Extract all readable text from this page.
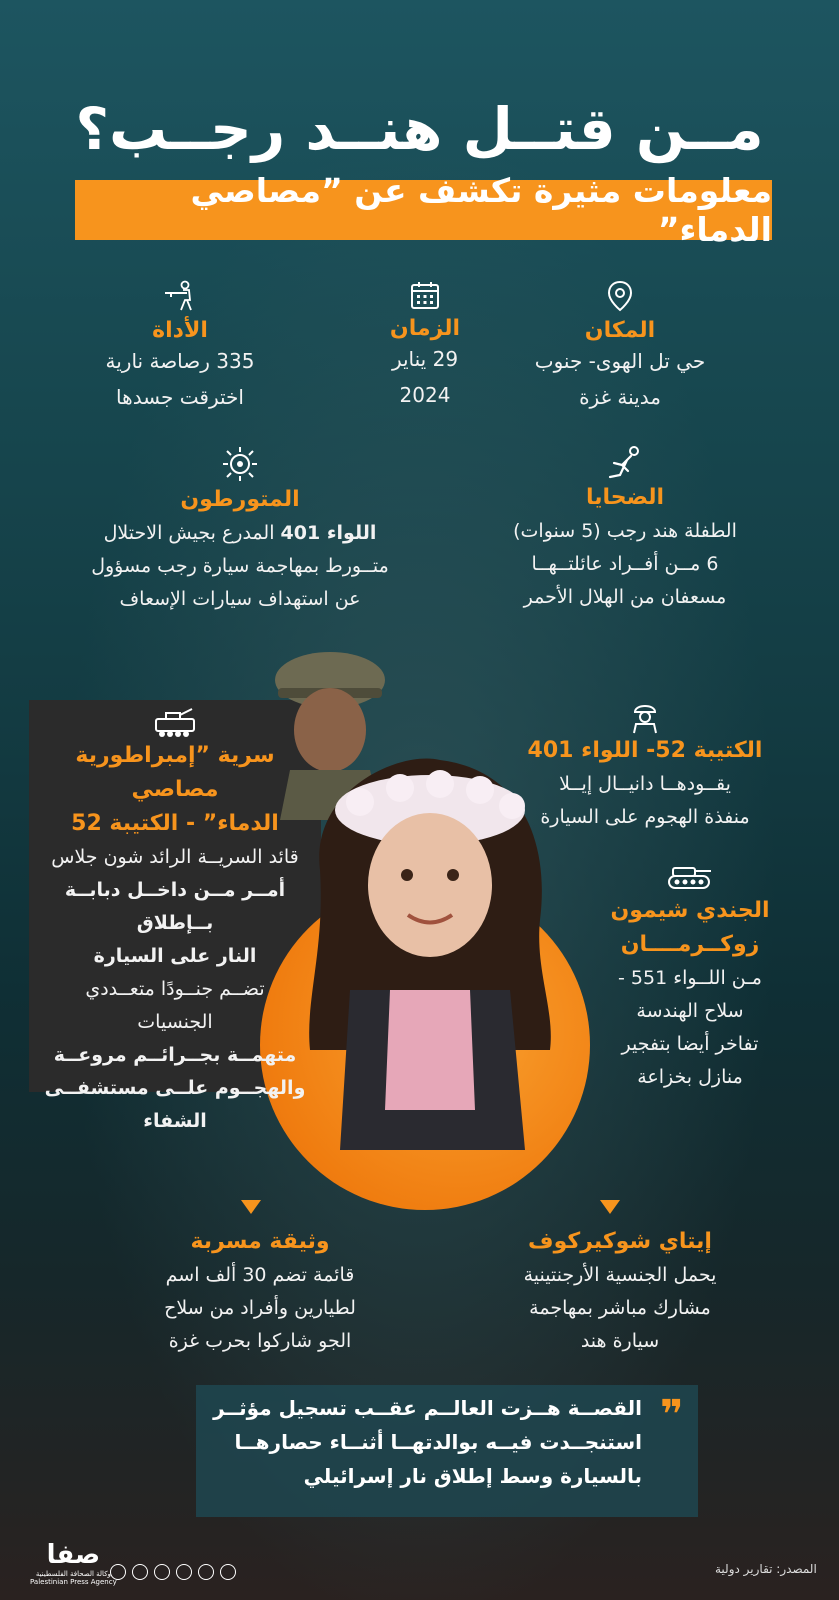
مــن قتــل هنــد رجــب؟
معلومات مثيرة تكشف عن ”مصاصي الدماء”
المكان
حي تل الهوى- جنوب
مدينة غزة
الزمان
29 يناير
2024
الأداة
335 رصاصة نارية
اخترقت جسدها
الضحايا
الطفلة هند رجب (5 سنوات)
6 مــن أفــراد عائلتــهــا
مسعفان من الهلال الأحمر
المتورطون
اللواء 401 المدرع بجيش الاحتلال
متــورط بمهاجمة سيارة رجب مسؤول
عن استهداف سيارات الإسعاف
سرية ”إمبراطورية مصاصي
الدماء” - الكتيبة 52
قائد السريــة الرائد شون جلاس
أمــر مــن داخــل دبابــة بــإطلاق
النار على السيارة
تضــم جنــودًا متعــددي
الجنسيات
متهمــة بجــرائــم مروعــة
والهجــوم علــى مستشفــى
الشفاء
الكتيبة 52- اللواء 401
يقــودهــا دانيــال إيــلا
منفذة الهجوم على السيارة
الجندي شيمون
زوكــرمــــان
مـن اللــواء 551 -
سلاح الهندسة
تفاخر أيضا بتفجير
منازل بخزاعة
إيتاي شوكيركوف
يحمل الجنسية الأرجنتينية
مشارك مباشر بمهاجمة
سيارة هند
وثيقة مسربة
قائمة تضم 30 ألف اسم
لطيارين وأفراد من سلاح
الجو شاركوا بحرب غزة
القصــة هــزت العالــم عقــب تسجيل مؤثــر
استنجــدت فيــه بوالدتهــا أثنــاء حصارهــا
بالسيارة وسط إطلاق نار إسرائيلي
❞
المصدر: تقارير دولية
صفا
وكالة الصحافة الفلسطينية
Palestinian Press Agency
